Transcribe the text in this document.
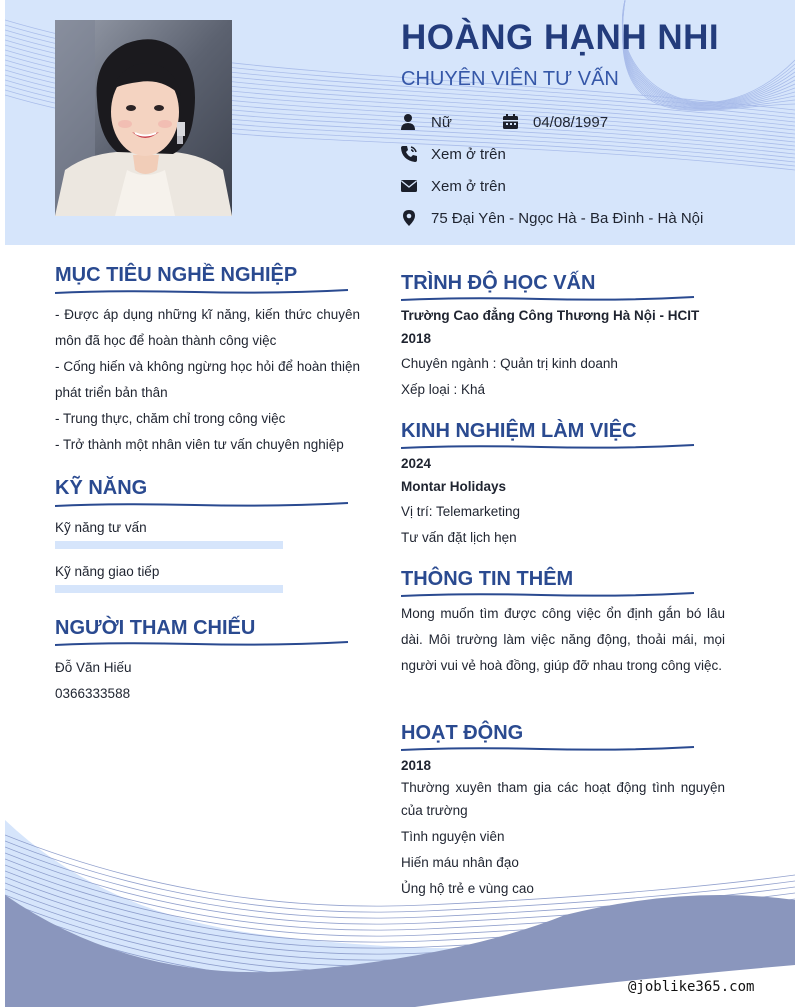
HOÀNG HẠNH NHI
CHUYÊN VIÊN TƯ VẤN
Nữ	04/08/1997
Xem ở trên
Xem ở trên
75 Đại Yên - Ngọc Hà - Ba Đình - Hà Nội
MỤC TIÊU NGHỀ NGHIỆP

- Được áp dụng những kĩ năng, kiến thức chuyên môn đã học để hoàn thành công việc

- Cống hiến và không ngừng học hỏi để hoàn thiện phát triển bản thân

- Trung thực, chăm chỉ trong công việc

- Trở thành một nhân viên tư vấn chuyên nghiệp

KỸ NĂNG
Kỹ năng tư vấn
Kỹ năng giao tiếp
NGƯỜI THAM CHIẾU
Đỗ Văn Hiếu
0366333588
TRÌNH ĐỘ HỌC VẤN
Trường Cao đẳng Công Thương Hà Nội - HCIT
2018
Chuyên ngành : Quản trị kinh doanh
Xếp loại : Khá
KINH NGHIỆM LÀM VIỆC
2024
Montar Holidays
Vị trí: Telemarketing
Tư vấn đặt lịch hẹn
THÔNG TIN THÊM
Mong muốn tìm được công việc ổn định gắn bó lâu dài. Môi trường làm việc năng động, thoải mái, mọi người vui vẻ hoà đồng, giúp đỡ nhau trong công việc.
HOẠT ĐỘNG
2018
Thường xuyên tham gia các hoạt động tình nguyện của trường
Tình nguyện viên
Hiến máu nhân đạo
Ủng hộ trẻ e vùng cao
@joblike365.com
